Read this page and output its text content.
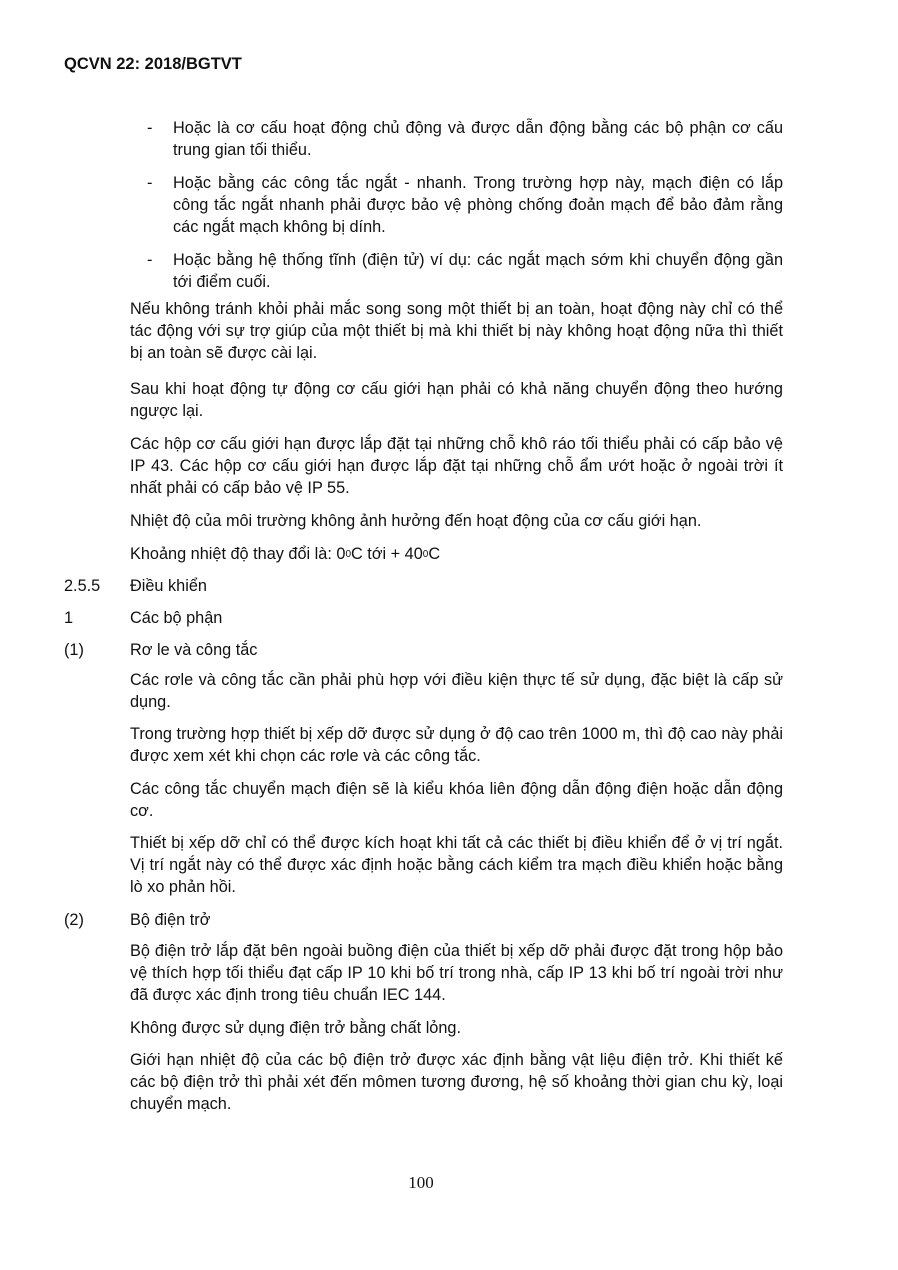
QCVN 22: 2018/BGTVT
- Hoặc là cơ cấu hoạt động chủ động và được dẫn động bằng các bộ phận cơ cấu trung gian tối thiểu.
- Hoặc bằng các công tắc ngắt - nhanh. Trong trường hợp này, mạch điện có lắp công tắc ngắt nhanh phải được bảo vệ phòng chống đoản mạch để bảo đảm rằng các ngắt mạch không bị dính.
- Hoặc bằng hệ thống tĩnh (điện tử) ví dụ: các ngắt mạch sớm khi chuyển động gần tới điểm cuối.
Nếu không tránh khỏi phải mắc song song một thiết bị an toàn, hoạt động này chỉ có thể tác động với sự trợ giúp của một thiết bị mà khi thiết bị này không hoạt động nữa thì thiết bị an toàn sẽ được cài lại.
Sau khi hoạt động tự động cơ cấu giới hạn phải có khả năng chuyển động theo hướng ngược lại.
Các hộp cơ cấu giới hạn được lắp đặt tại những chỗ khô ráo tối thiểu phải có cấp bảo vệ IP 43. Các hộp cơ cấu giới hạn được lắp đặt tại những chỗ ẩm ướt hoặc ở ngoài trời ít nhất phải có cấp bảo vệ IP 55.
Nhiệt độ của môi trường không ảnh hưởng đến hoạt động của cơ cấu giới hạn.
Khoảng nhiệt độ thay đổi là: $0^0C$ tới + $40^0C$
2.5.5 Điều khiển
1	Các bộ phận
(1)	Rơ le và công tắc
Các rơle và công tắc cần phải phù hợp với điều kiện thực tế sử dụng, đặc biệt là cấp sử dụng.
Trong trường hợp thiết bị xếp dỡ được sử dụng ở độ cao trên 1000 m, thì độ cao này phải được xem xét khi chọn các rơle và các công tắc.
Các công tắc chuyển mạch điện sẽ là kiểu khóa liên động dẫn động điện hoặc dẫn động cơ.
Thiết bị xếp dỡ chỉ có thể được kích hoạt khi tất cả các thiết bị điều khiển để ở vị trí ngắt. Vị trí ngắt này có thể được xác định hoặc bằng cách kiểm tra mạch điều khiển hoặc bằng lò xo phản hồi.
(2)	Bộ điện trở
Bộ điện trở lắp đặt bên ngoài buồng điện của thiết bị xếp dỡ phải được đặt trong hộp bảo vệ thích hợp tối thiểu đạt cấp IP 10 khi bố trí trong nhà, cấp IP 13 khi bố trí ngoài trời như đã được xác định trong tiêu chuẩn IEC 144.
Không được sử dụng điện trở bằng chất lỏng.
Giới hạn nhiệt độ của các bộ điện trở được xác định bằng vật liệu điện trở. Khi thiết kế các bộ điện trở thì phải xét đến mômen tương đương, hệ số khoảng thời gian chu kỳ, loại chuyển mạch.
100
